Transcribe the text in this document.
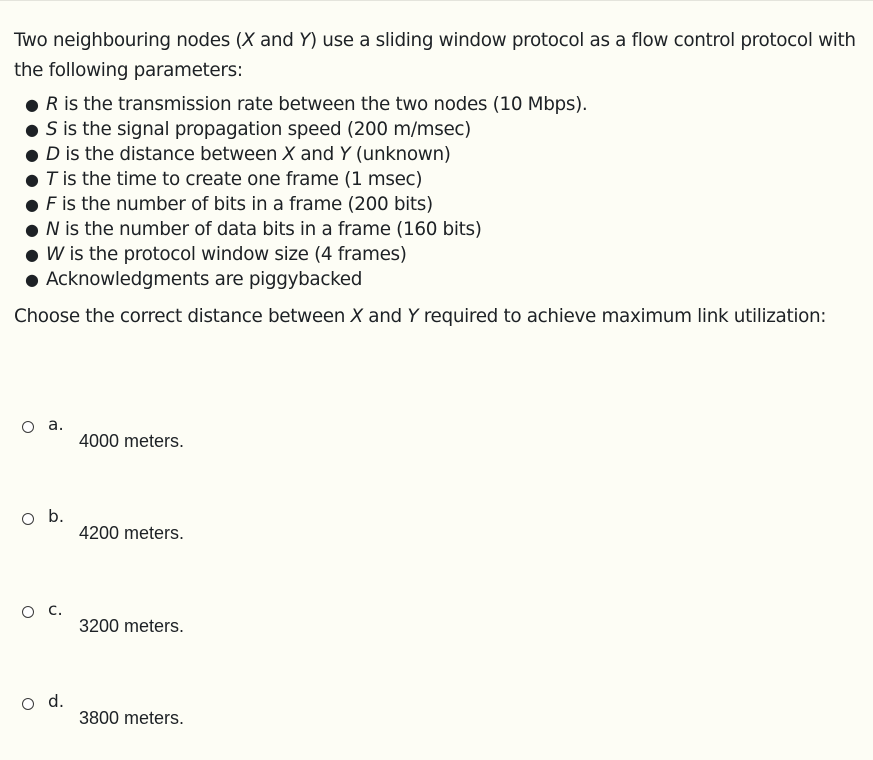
Two neighbouring nodes (X and Y) use a sliding window protocol as a flow control protocol with the following parameters:

● R is the transmission rate between the two nodes (10 Mbps).
● S is the signal propagation speed (200 m/msec)
● D is the distance between X and Y (unknown)
● T is the time to create one frame (1 msec)
● F is the number of bits in a frame (200 bits)
● N is the number of data bits in a frame (160 bits)
● W is the protocol window size (4 frames)
● Acknowledgments are piggybacked

Choose the correct distance between X and Y required to achieve maximum link utilization:

a.
4000 meters.
b.
4200 meters.
c.
3200 meters.
d.
3800 meters.
